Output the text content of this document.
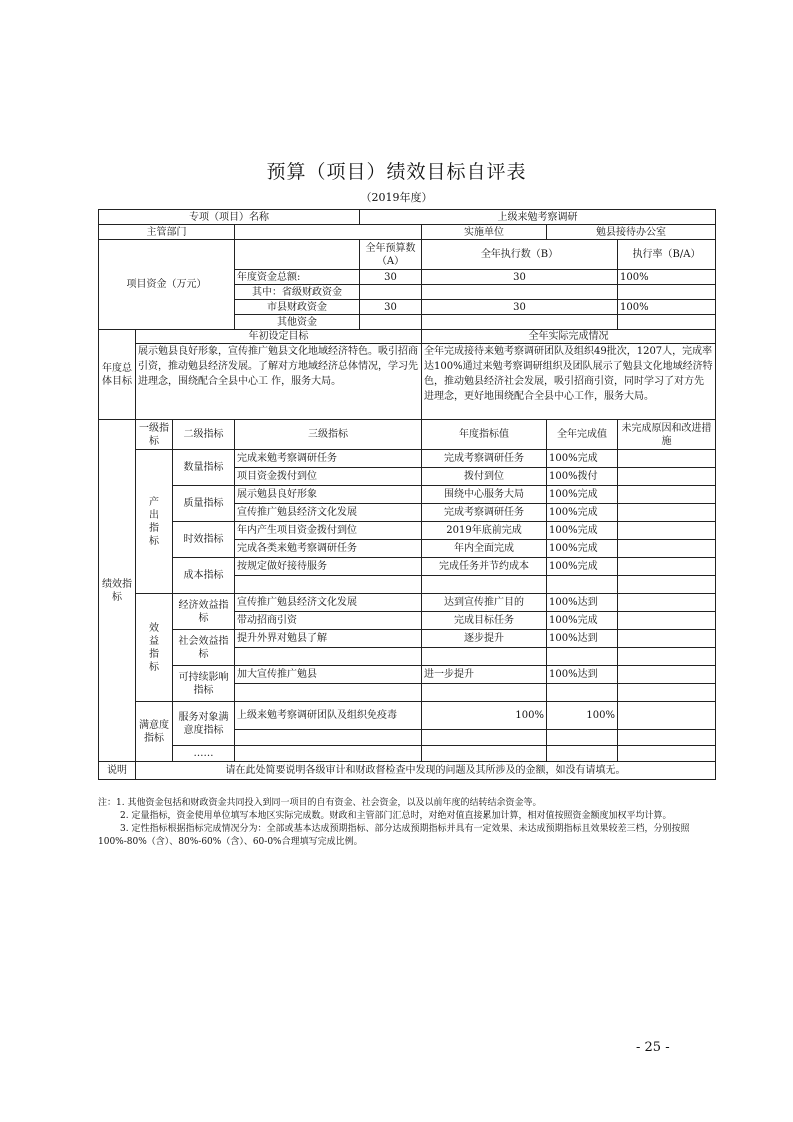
预算（项目）绩效目标自评表
（2019年度）
专项（项目）名称				上级来勉考察调研			
主管部门					实施单位	勉县接待办公室	
项目资金（万元）				全年预算数（A）	全年执行数（B）		执行率（B/A）
			年度资金总额:	30	30		100%
			其中：省级财政资金				
			市县财政资金	30	30		100%
			其他资金				
年度总体目标	年初设定目标				全年实际完成情况		
	展示勉县良好形象，宣传推广勉县文化地域经济特色。吸引招商引资，推动勉县经济发展。了解对方地域经济总体情况，学习先进理念，围绕配合全县中心工 作，服务大局。				全年完成接待来勉考察调研团队及组织49批次，1207人，完成率达100%通过来勉考察调研组织及团队展示了勉县文化地域经济特色，推动勉县经济社会发展，吸引招商引资，同时学习了对方先进理念，更好地围绕配合全县中心工作，服务大局。		
绩效指标	一级指标	二级指标	三级指标		年度指标值	全年完成值	未完成原因和改进措施
	产出指标	数量指标	完成来勉考察调研任务		完成考察调研任务	100%完成	
			项目资金拨付到位		拨付到位	100%拨付	
		质量指标	展示勉县良好形象		围绕中心服务大局	100%完成	
			宣传推广勉县经济文化发展		完成考察调研任务	100%完成	
		时效指标	年内产生项目资金拨付到位		2019年底前完成	100%完成	
			完成各类来勉考察调研任务		年内全面完成	100%完成	
		成本指标	按规定做好接待服务		完成任务并节约成本	100%完成	

	效益指标	经济效益指标	宣传推广勉县经济文化发展		达到宣传推广目的	100%达到	
			带动招商引资		完成目标任务	100%完成	
		社会效益指标	提升外界对勉县了解		逐步提升	100%达到	

		可持续影响指标	加大宣传推广勉县		进一步提升	100%达到	

	满意度指标	服务对象满意度指标	上级来勉考察调研团队及组织免疫毒		100%	100%	

		……					
说明	请在此处简要说明各级审计和财政督检查中发现的问题及其所涉及的金额，如没有请填无。						

注：1. 其他资金包括和财政资金共同投入到同一项目的自有资金、社会资金，以及以前年度的结转结余资金等。

2. 定量指标，资金使用单位填写本地区实际完成数。财政和主管部门汇总时，对绝对值直接累加计算，相对值按照资金额度加权平均计算。

3. 定性指标根据指标完成情况分为：全部或基本达成预期指标、部分达成预期指标并具有一定效果、未达成预期指标且效果较差三档，分别按照100%-80%（含）、80%-60%（含）、60-0%合理填写完成比例。

- 25 -
